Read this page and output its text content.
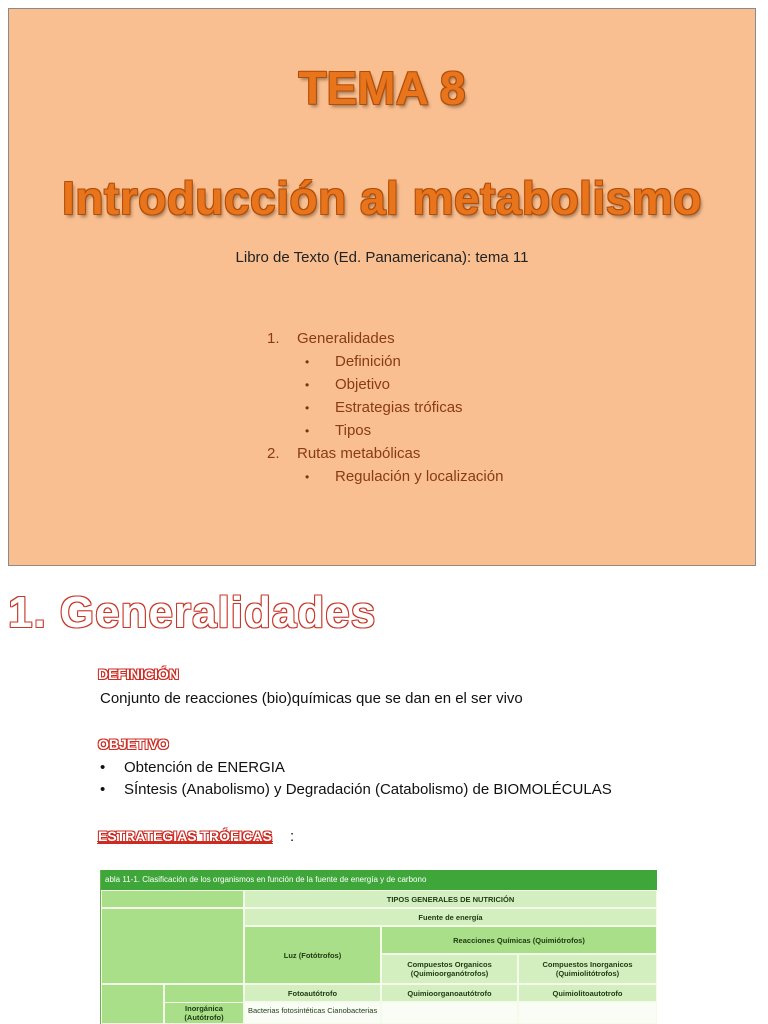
TEMA 8
Introducción al metabolismo
Libro de Texto (Ed. Panamericana): tema 11
1. Generalidades
• Definición
• Objetivo
• Estrategias tróficas
• Tipos
2. Rutas metabólicas
• Regulación y localización
1. Generalidades
DEFINICIÓN
Conjunto de reacciones (bio)químicas que se dan en el ser vivo
OBJETIVO
• Obtención de ENERGIA
• SÍntesis (Anabolismo) y Degradación (Catabolismo) de BIOMOLÉCULAS
ESTRATEGIAS TRÓFICAS :
abla 11-1. Clasificación de los organismos en función de la fuente de energía y de carbono
TIPOS GENERALES DE NUTRICIÓN
Fuente de energía
Luz (Fotótrofos)
Reacciones Químicas (Quimiótrofos)
Compuestos Organicos (Quimioorganótrofos)
Compuestos Inorganicos (Quimiolitótrofos)
Fotoautótrofo	Quimioorganoautótrofo	Quimiolitoautotrofo
Inorgánica (Autótrofo)
Bacterias fotosintéticas Cianobacterias
